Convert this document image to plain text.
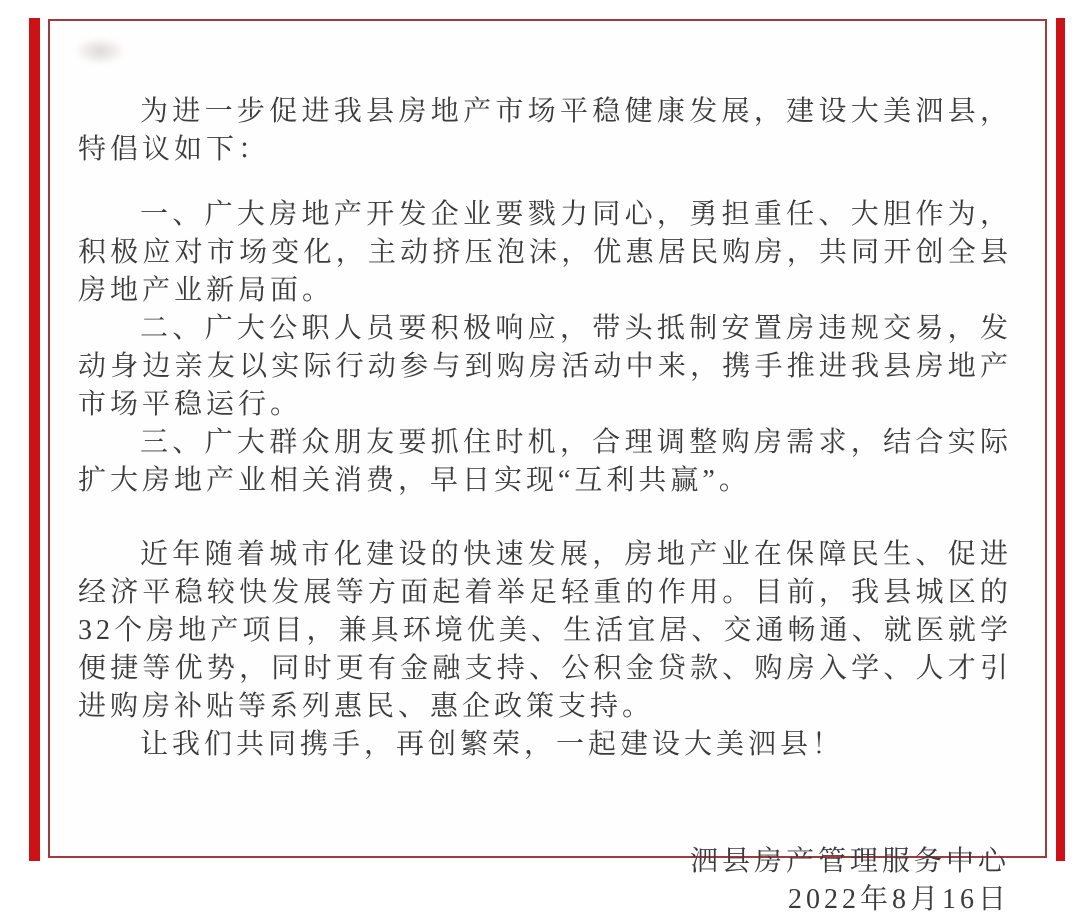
为进一步促进我县房地产市场平稳健康发展，建设大美泗县，特倡议如下：

一、广大房地产开发企业要戮力同心，勇担重任、大胆作为，积极应对市场变化，主动挤压泡沫，优惠居民购房，共同开创全县房地产业新局面。

二、广大公职人员要积极响应，带头抵制安置房违规交易，发动身边亲友以实际行动参与到购房活动中来，携手推进我县房地产市场平稳运行。

三、广大群众朋友要抓住时机，合理调整购房需求，结合实际扩大房地产业相关消费，早日实现“互利共赢”。

近年随着城市化建设的快速发展，房地产业在保障民生、促进经济平稳较快发展等方面起着举足轻重的作用。目前，我县城区的32个房地产项目，兼具环境优美、生活宜居、交通畅通、就医就学便捷等优势，同时更有金融支持、公积金贷款、购房入学、人才引进购房补贴等系列惠民、惠企政策支持。

让我们共同携手，再创繁荣，一起建设大美泗县！

泗县房产管理服务中心
2022年8月16日
